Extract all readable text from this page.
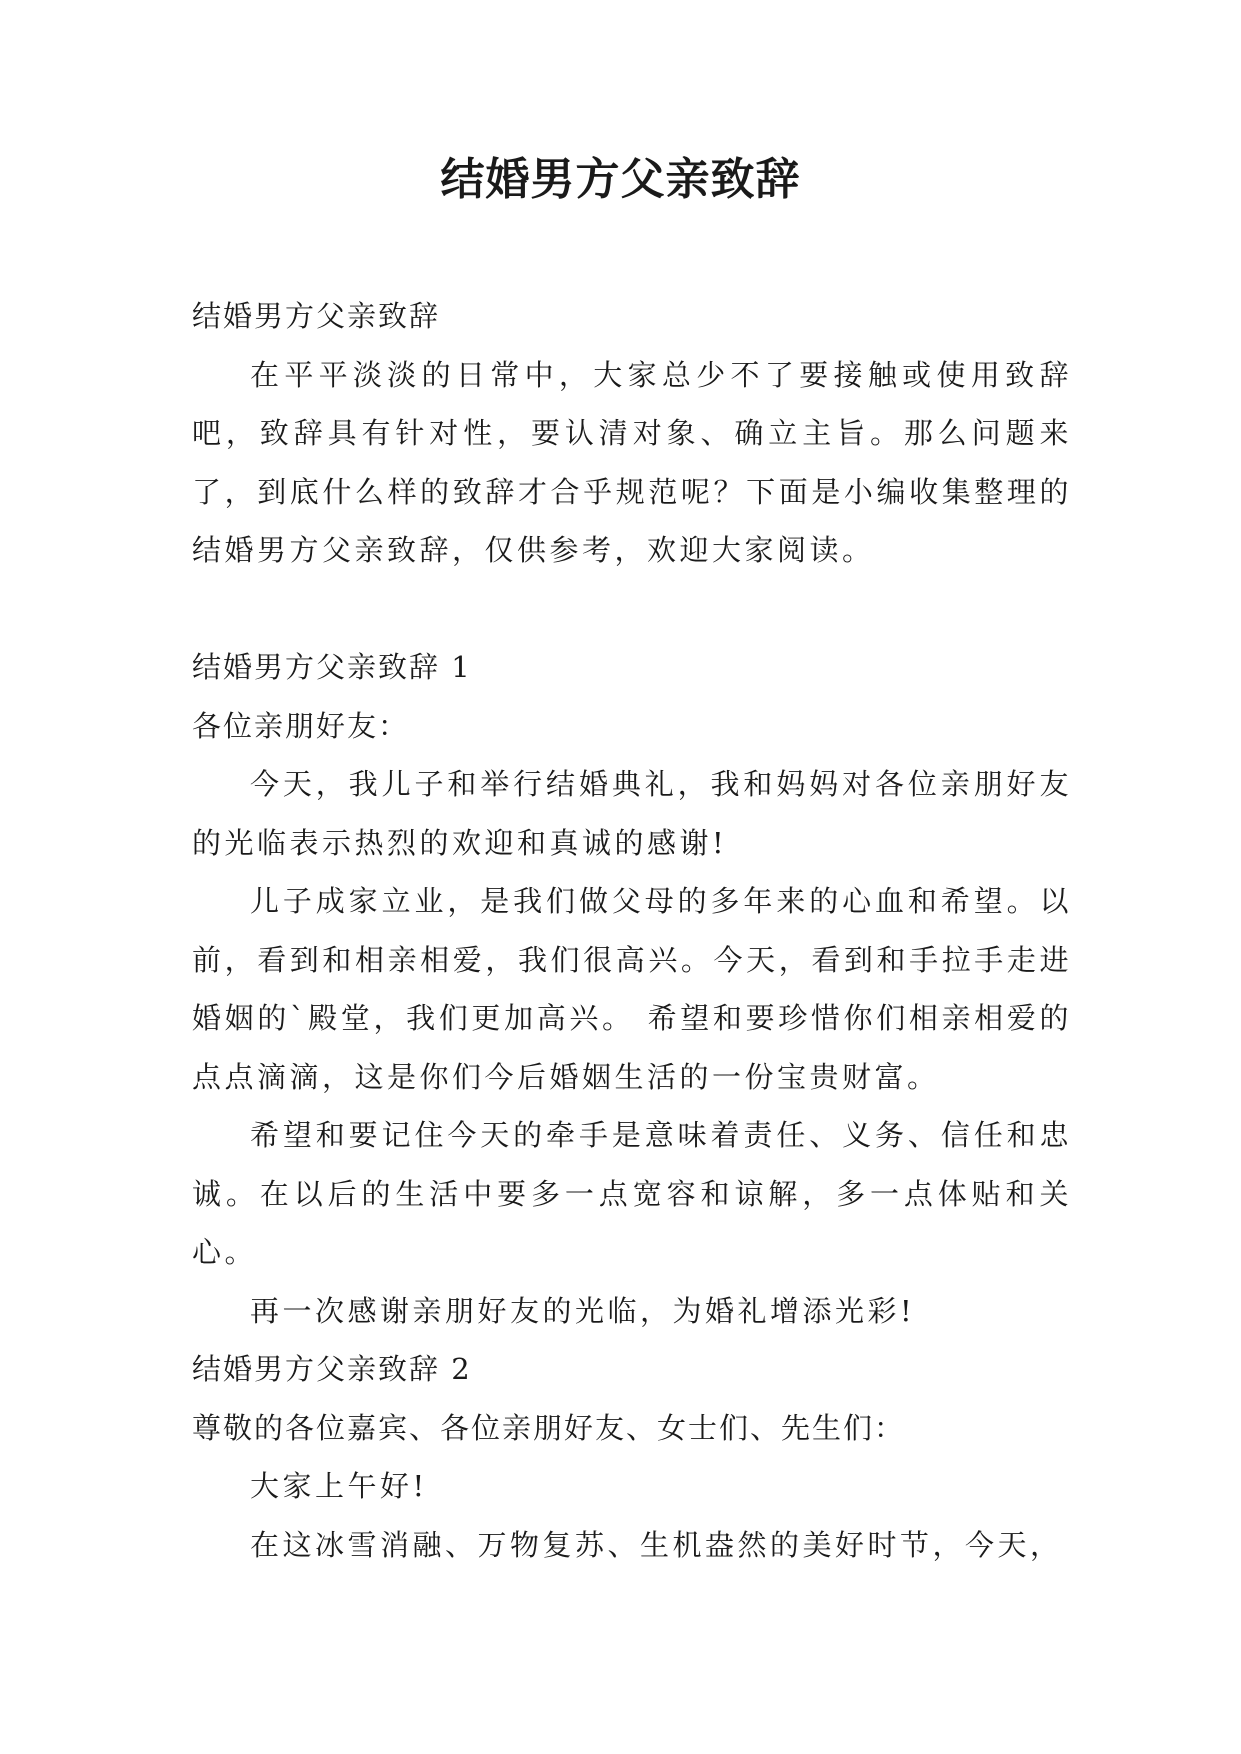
结婚男方父亲致辞
结婚男方父亲致辞

在平平淡淡的日常中，大家总少不了要接触或使用致辞吧，致辞具有针对性，要认清对象、确立主旨。那么问题来了，到底什么样的致辞才合乎规范呢？下面是小编收集整理的结婚男方父亲致辞，仅供参考，欢迎大家阅读。

结婚男方父亲致辞 1
各位亲朋好友：

今天，我儿子和举行结婚典礼，我和妈妈对各位亲朋好友的光临表示热烈的欢迎和真诚的感谢!

儿子成家立业，是我们做父母的多年来的心血和希望。以前，看到和相亲相爱，我们很高兴。今天，看到和手拉手走进婚姻的`殿堂，我们更加高兴。 希望和要珍惜你们相亲相爱的点点滴滴，这是你们今后婚姻生活的一份宝贵财富。

希望和要记住今天的牵手是意味着责任、义务、信任和忠诚。在以后的生活中要多一点宽容和谅解，多一点体贴和关心。

再一次感谢亲朋好友的光临，为婚礼增添光彩!

结婚男方父亲致辞 2
尊敬的各位嘉宾、各位亲朋好友、女士们、先生们：

大家上午好!

在这冰雪消融、万物复苏、生机盎然的美好时节，今天，
